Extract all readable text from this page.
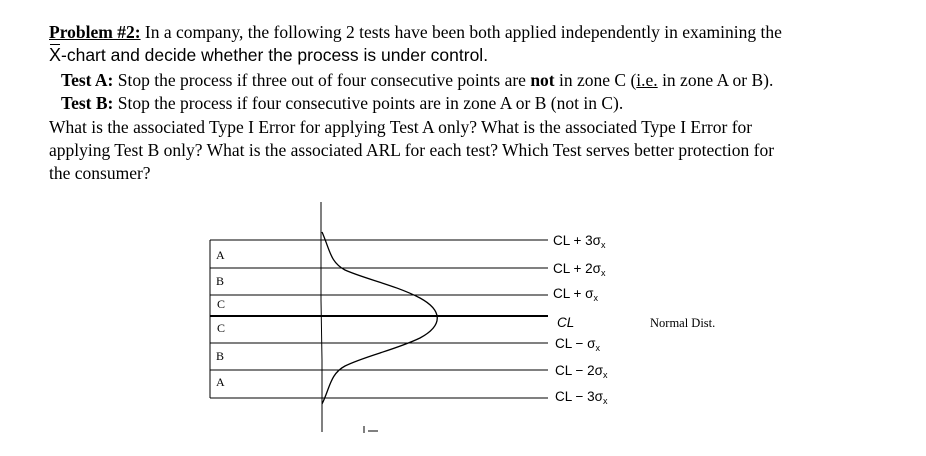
Problem #2: In a company, the following 2 tests have been both applied independently in examining the
X-chart and decide whether the process is under control.
Test A: Stop the process if three out of four consecutive points are not in zone C (i.e. in zone A or B).
Test B: Stop the process if four consecutive points are in zone A or B (not in C).
What is the associated Type I Error for applying Test A only? What is the associated Type I Error for
applying Test B only? What is the associated ARL for each test? Which Test serves better protection for
the consumer?
A
B
C
C
B
A
CL + $3\sigma_x$
CL + $2\sigma_x$
CL + $\sigma_x$
CL
CL − $\sigma_x$
CL − $2\sigma_x$
CL − $3\sigma_x$
Normal Dist.
